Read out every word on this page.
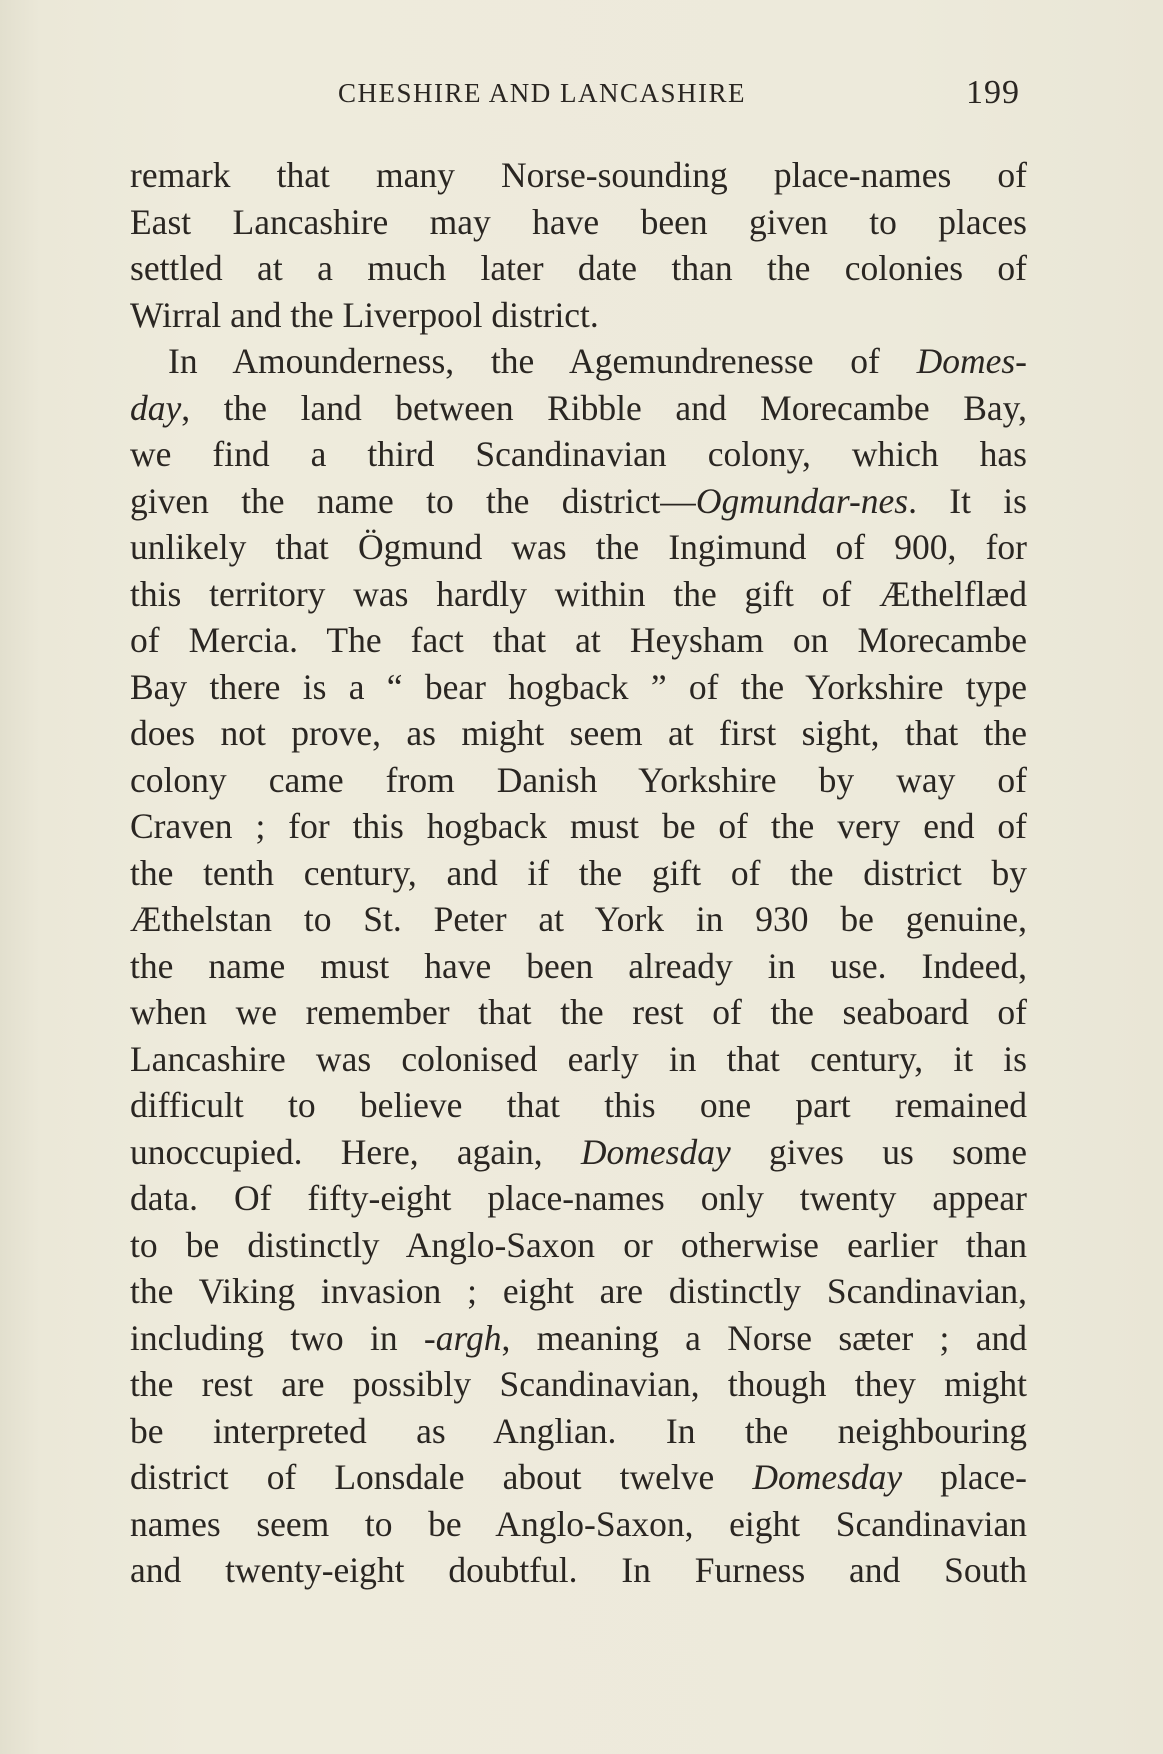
CHESHIRE AND LANCASHIRE	199
remark that many Norse-sounding place-names of
East Lancashire may have been given to places
settled at a much later date than the colonies of
Wirral and the Liverpool district.
In Amounderness, the Agemundrenesse of Domes-
day, the land between Ribble and Morecambe Bay,
we find a third Scandinavian colony, which has
given the name to the district—Ogmundar-nes. It is
unlikely that Ögmund was the Ingimund of 900, for
this territory was hardly within the gift of Æthelflæd
of Mercia. The fact that at Heysham on Morecambe
Bay there is a “ bear hogback ” of the Yorkshire type
does not prove, as might seem at first sight, that the
colony came from Danish Yorkshire by way of
Craven ; for this hogback must be of the very end of
the tenth century, and if the gift of the district by
Æthelstan to St. Peter at York in 930 be genuine,
the name must have been already in use. Indeed,
when we remember that the rest of the seaboard of
Lancashire was colonised early in that century, it is
difficult to believe that this one part remained
unoccupied. Here, again, Domesday gives us some
data. Of fifty-eight place-names only twenty appear
to be distinctly Anglo-Saxon or otherwise earlier than
the Viking invasion ; eight are distinctly Scandinavian,
including two in -argh, meaning a Norse sæter ; and
the rest are possibly Scandinavian, though they might
be interpreted as Anglian. In the neighbouring
district of Lonsdale about twelve Domesday place-
names seem to be Anglo-Saxon, eight Scandinavian
and twenty-eight doubtful. In Furness and South
